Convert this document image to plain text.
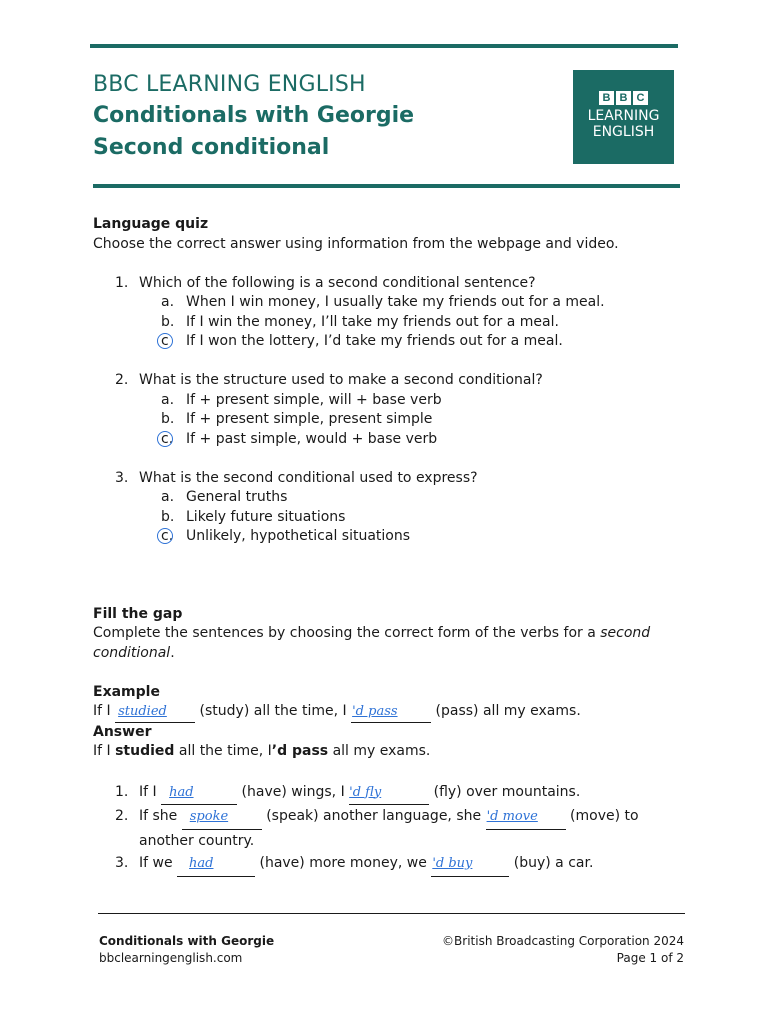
BBC LEARNING ENGLISH
Conditionals with Georgie
Second conditional
B B C
LEARNING
ENGLISH
Language quiz
Choose the correct answer using information from the webpage and video.
1. Which of the following is a second conditional sentence?
a. When I win money, I usually take my friends out for a meal.
b. If I win the money, I’ll take my friends out for a meal.
c If I won the lottery, I’d take my friends out for a meal.
2. What is the structure used to make a second conditional?
a. If + present simple, will + base verb
b. If + present simple, present simple
c. If + past simple, would + base verb
3. What is the second conditional used to express?
a. General truths
b. Likely future situations
c. Unlikely, hypothetical situations
Fill the gap
Complete the sentences by choosing the correct form of the verbs for a second
conditional.
Example
If I studied (study) all the time, I 'd pass (pass) all my exams.
Answer
If I studied all the time, I’d pass all my exams.
1. If I had	(have) wings, I 'd fly	(fly) over mountains.
2. If she spoke (speak) another language, she 'd move (move) to
another country.
3. If we had	(have) more money, we 'd buy	(buy) a car.
Conditionals with Georgie
bbclearningenglish.com
©British Broadcasting Corporation 2024
Page 1 of 2
